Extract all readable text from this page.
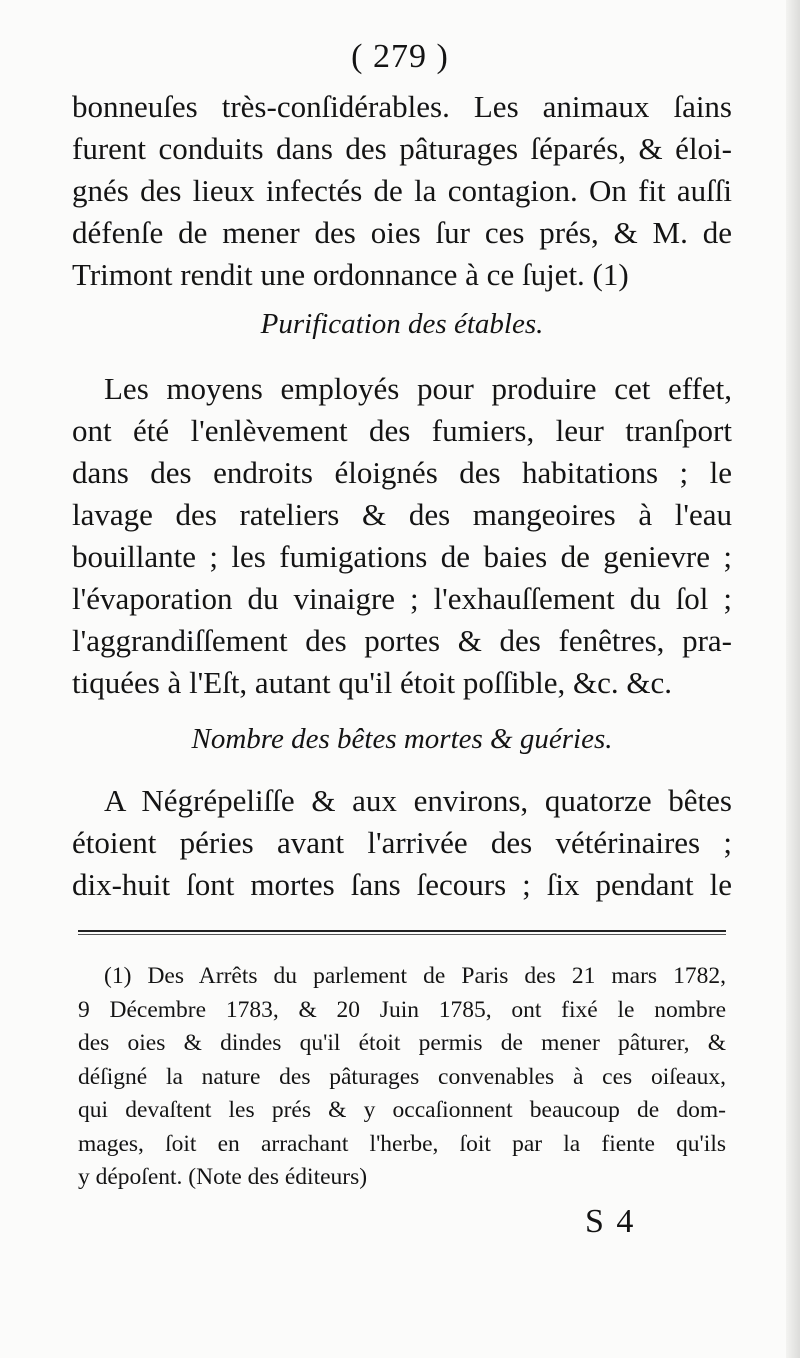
( 279 )
bonneuſes très-conſidérables. Les animaux ſains
furent conduits dans des pâturages ſéparés, & éloi-
gnés des lieux infectés de la contagion. On fit auſſi
défenſe de mener des oies ſur ces prés, & M. de
Trimont rendit une ordonnance à ce ſujet. (1)
Purification des étables.
Les moyens employés pour produire cet effet,
ont été l'enlèvement des fumiers, leur tranſport
dans des endroits éloignés des habitations ; le
lavage des rateliers & des mangeoires à l'eau
bouillante ; les fumigations de baies de genievre ;
l'évaporation du vinaigre ; l'exhauſſement du ſol ;
l'aggrandiſſement des portes & des fenêtres, pra-
tiquées à l'Eſt, autant qu'il étoit poſſible, &c. &c.
Nombre des bêtes mortes & guéries.
A Négrépeliſſe & aux environs, quatorze bêtes
étoient péries avant l'arrivée des vétérinaires ;
dix-huit ſont mortes ſans ſecours ; ſix pendant le
(1) Des Arrêts du parlement de Paris des 21 mars 1782,
9 Décembre 1783, & 20 Juin 1785, ont fixé le nombre
des oies & dindes qu'il étoit permis de mener pâturer, &
déſigné la nature des pâturages convenables à ces oiſeaux,
qui devaſtent les prés & y occaſionnent beaucoup de dom-
mages, ſoit en arrachant l'herbe, ſoit par la fiente qu'ils
y dépoſent. (Note des éditeurs)
S 4
